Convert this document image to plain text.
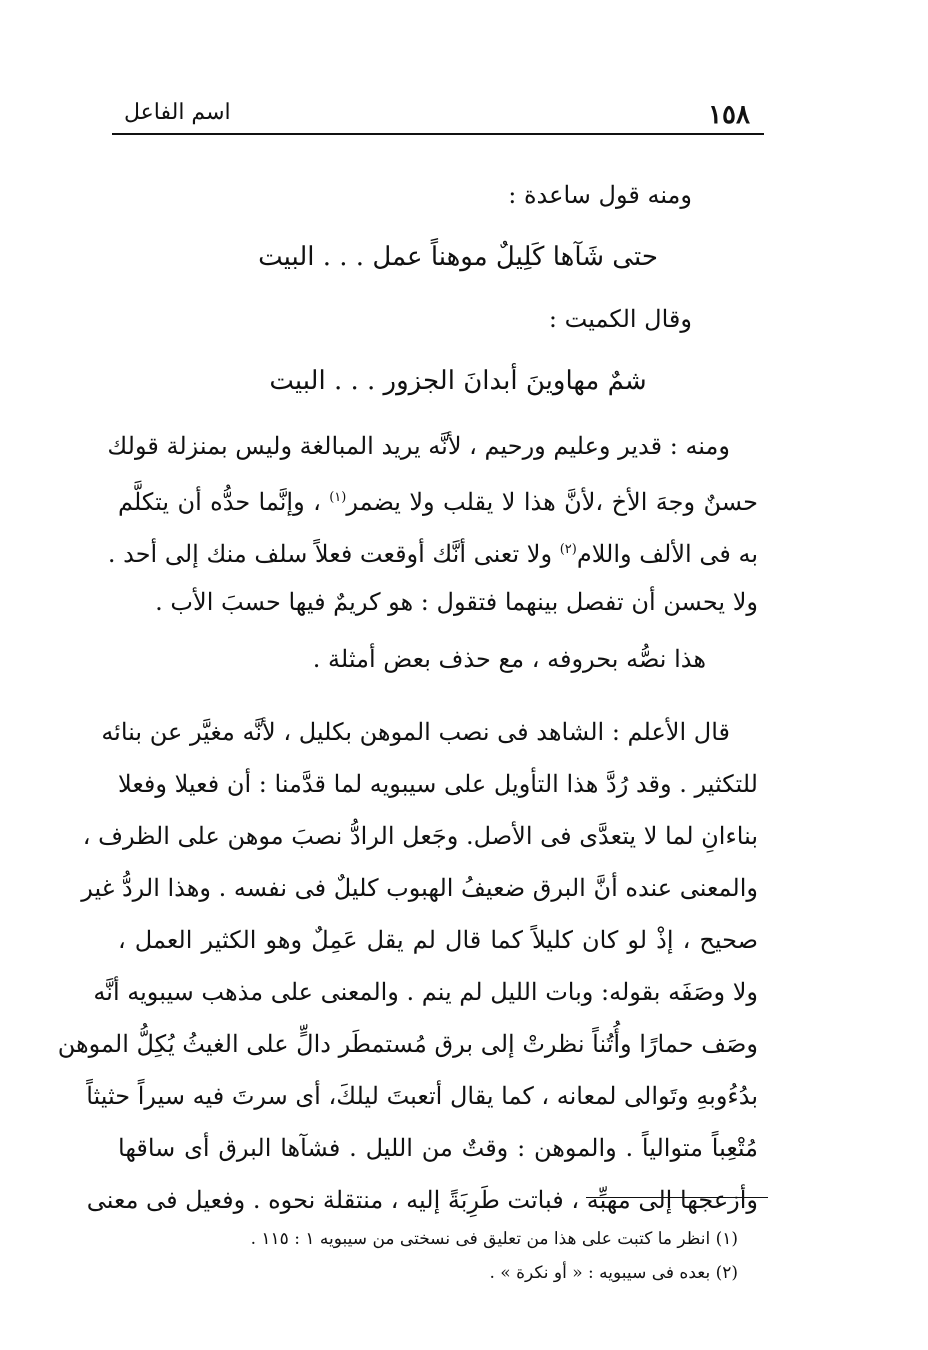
١٥٨
اسم الفاعل
ومنه قول ساعدة :
حتى شَآها كَلِيلٌ موهناً عمل . . . البيت
وقال الكميت :
شمٌ مهاوينَ أبدانَ الجزور . . . البيت
ومنه : قدير وعليم ورحيم ، لأنَّه يريد المبالغة وليس بمنزلة قولك
حسنٌ وجهَ الأخ ،لأنَّ هذا لا يقلب ولا يضمر$^{(١)}$ ، وإنَّما حدُّه أن يتكلَّم
به فى الألف واللام$^{(٢)}$ ولا تعنى أنَّك أوقعت فعلاً سلف منك إلى أحد .
ولا يحسن أن تفصل بينهما فتقول : هو كريمٌ فيها حسبَ الأب .
هذا نصُّه بحروفه ، مع حذف بعض أمثلة .
قال الأعلم : الشاهد فى نصب الموهن بكليل ، لأنَّه مغيَّر عن بنائه
للتكثير . وقد رُدَّ هذا التأويل على سيبويه لما قدَّمنا : أن فعيلا وفعلا
بناءانِ لما لا يتعدَّى فى الأصل. وجَعل الرادُّ نصبَ موهن على الظرف ،
والمعنى عنده أنَّ البرق ضعيفُ الهبوب كليلٌ فى نفسه . وهذا الردُّ غير
صحيح ، إذْ لو كان كليلاً كما قال لم يقل عَمِلٌ وهو الكثير العمل ،
ولا وصَفَه بقوله: وبات الليل لم ينم . والمعنى على مذهب سيبويه أنَّه
وصَف حمارًا وأُتُناً نظرتْ إلى برق مُستمطَر دالٍّ على الغيثُ يُكِلُّ الموهن
بدُءُوبهِ وتَوالى لمعانه ، كما يقال أتعبتَ ليلكَ، أى سرتَ فيه سيراً حثيثاً
مُتْعِباً متوالياً . والموهن : وقتٌ من الليل . فشآها البرق أى ساقها
وأزعجها إلى مهبِّه ، فباتت طَرِبَةً إليه ، منتقلة نحوه . وفعيل فى معنى
(١) انظر ما كتبت على هذا من تعليق فى نسختى من سيبويه ١ : ١١٥ .
(٢) بعده فى سيبويه : « أو نكرة » .
